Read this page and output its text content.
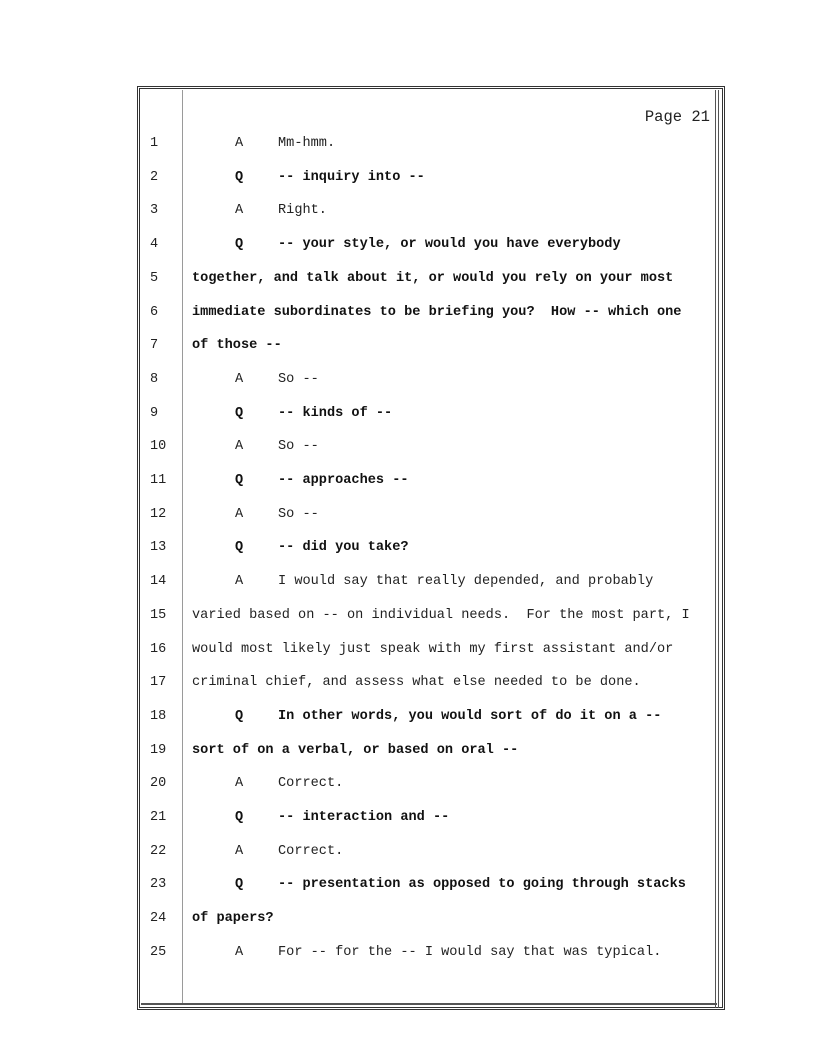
Page 21
1	A	Mm-hmm.
2	Q	-- inquiry into --
3	A	Right.
4	Q	-- your style, or would you have everybody
5	together, and talk about it, or would you rely on your most
6	immediate subordinates to be briefing you?  How -- which one
7	of those --
8	A	So --
9	Q	-- kinds of --
10	A	So --
11	Q	-- approaches --
12	A	So --
13	Q	-- did you take?
14	A	I would say that really depended, and probably
15	varied based on -- on individual needs.  For the most part, I
16	would most likely just speak with my first assistant and/or
17	criminal chief, and assess what else needed to be done.
18	Q	In other words, you would sort of do it on a --
19	sort of on a verbal, or based on oral --
20	A	Correct.
21	Q	-- interaction and --
22	A	Correct.
23	Q	-- presentation as opposed to going through stacks
24	of papers?
25	A	For -- for the -- I would say that was typical.
